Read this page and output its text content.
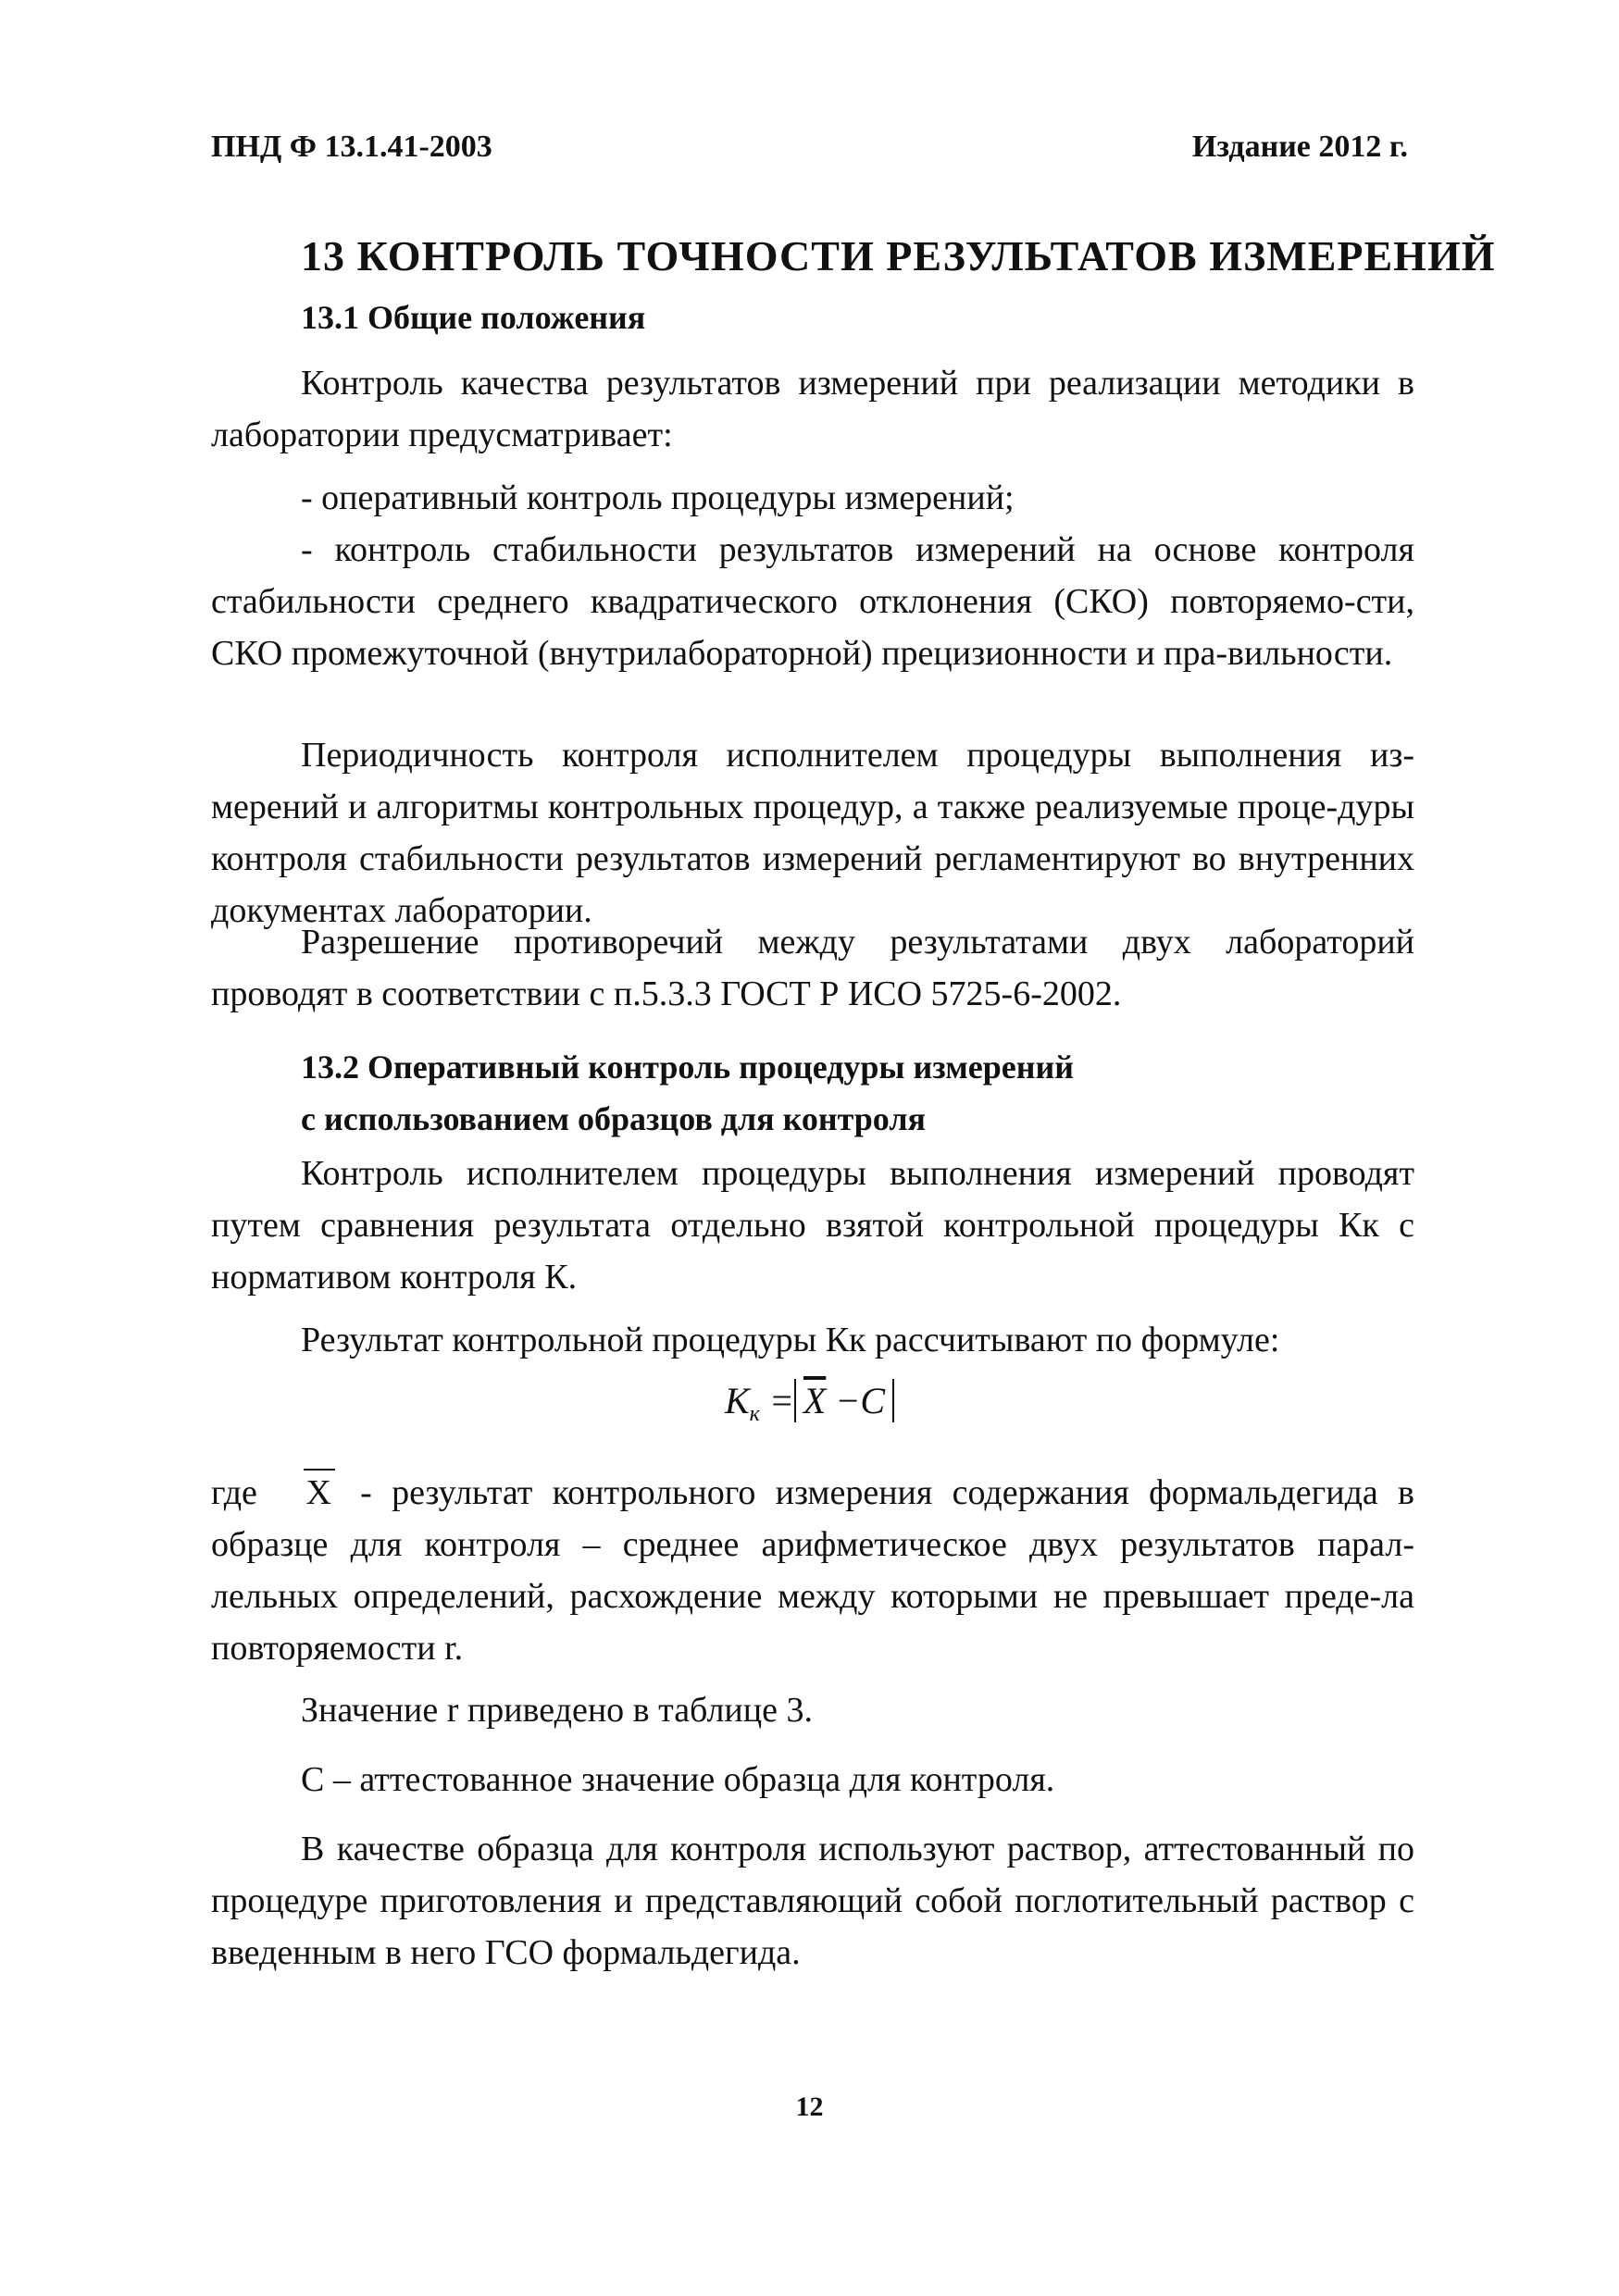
ПНД Ф 13.1.41-2003	Издание 2012 г.
13 КОНТРОЛЬ ТОЧНОСТИ РЕЗУЛЬТАТОВ ИЗМЕРЕНИЙ
13.1 Общие положения

Контроль качества результатов измерений при реализации методики в лаборатории предусматривает:

- оперативный контроль процедуры измерений;

- контроль стабильности результатов измерений на основе контроля стабильности среднего квадратического отклонения (СКО) повторяемо-сти, СКО промежуточной (внутрилабораторной) прецизионности и пра-вильности.

Периодичность контроля исполнителем процедуры выполнения из-мерений и алгоритмы контрольных процедур, а также реализуемые проце-дуры контроля стабильности результатов измерений регламентируют во внутренних документах лаборатории.

Разрешение противоречий между результатами двух лабораторий проводят в соответствии с п.5.3.3 ГОСТ Р ИСО 5725-6-2002.

13.2 Оперативный контроль процедуры измерений
с использованием образцов для контроля

Контроль исполнителем процедуры выполнения измерений проводят путем сравнения результата отдельно взятой контрольной процедуры Кк с нормативом контроля К.

Результат контрольной процедуры Кк рассчитывают по формуле:

$K_к = \overline{X} -C$

где X - результат контрольного измерения содержания формальдегида в образце для контроля – среднее арифметическое двух результатов парал-лельных определений, расхождение между которыми не превышает преде-ла повторяемости r.

Значение r приведено в таблице 3.

С – аттестованное значение образца для контроля.

В качестве образца для контроля используют раствор, аттестованный по процедуре приготовления и представляющий собой поглотительный раствор с введенным в него ГСО формальдегида.

12
